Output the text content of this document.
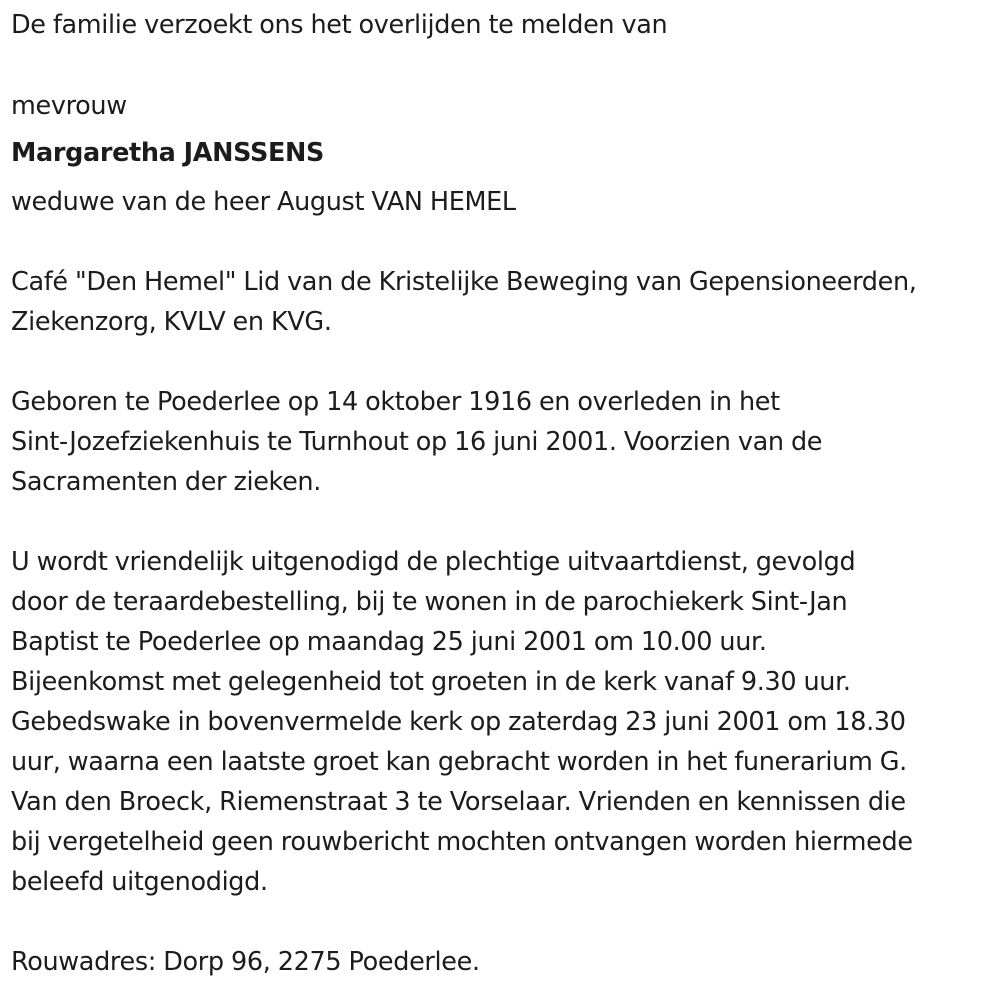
De familie verzoekt ons het overlijden te melden van
mevrouw
Margaretha JANSSENS
weduwe van de heer August VAN HEMEL
Café "Den Hemel" Lid van de Kristelijke Beweging van Gepensioneerden,
Ziekenzorg, KVLV en KVG.
Geboren te Poederlee op 14 oktober 1916 en overleden in het
Sint-Jozefziekenhuis te Turnhout op 16 juni 2001. Voorzien van de
Sacramenten der zieken.
U wordt vriendelijk uitgenodigd de plechtige uitvaartdienst, gevolgd
door de teraardebestelling, bij te wonen in de parochiekerk Sint-Jan
Baptist te Poederlee op maandag 25 juni 2001 om 10.00 uur.
Bijeenkomst met gelegenheid tot groeten in de kerk vanaf 9.30 uur.
Gebedswake in bovenvermelde kerk op zaterdag 23 juni 2001 om 18.30
uur, waarna een laatste groet kan gebracht worden in het funerarium G.
Van den Broeck, Riemenstraat 3 te Vorselaar. Vrienden en kennissen die
bij vergetelheid geen rouwbericht mochten ontvangen worden hiermede
beleefd uitgenodigd.
Rouwadres: Dorp 96, 2275 Poederlee.
